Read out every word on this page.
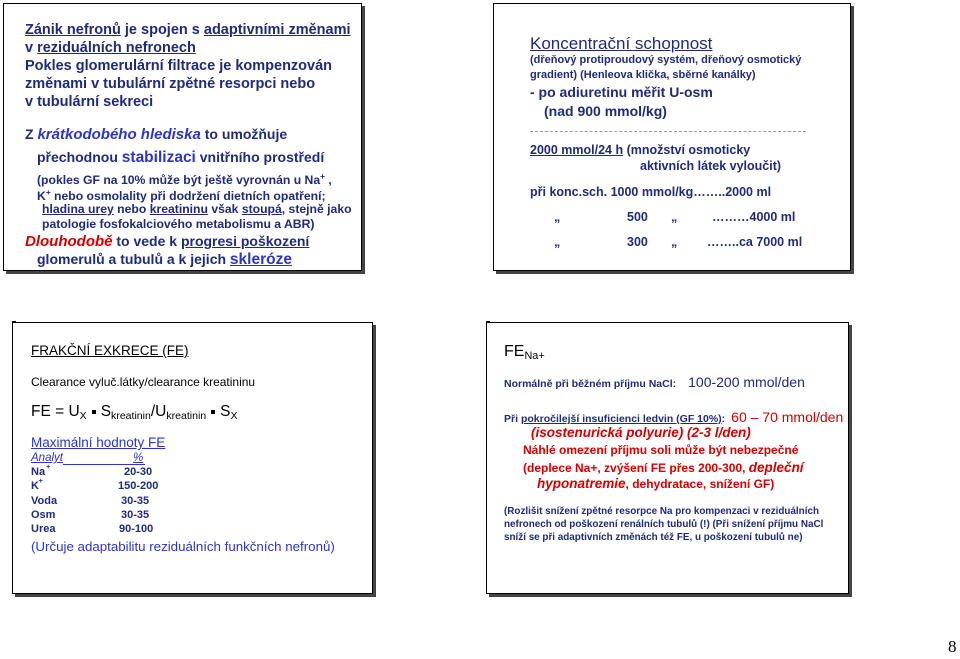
Zánik nefronů je spojen s adaptivními změnami
v reziduálních nefronech
Pokles glomerulární filtrace je kompenzován
změnami v tubulární zpětné resorpci nebo
v tubulární sekreci
Z krátkodobého hlediska to umožňuje
přechodnou stabilizaci vnitřního prostředí
(pokles GF na 10% může být ještě vyrovnán u Na+ ,
K+ nebo osmolality při dodržení dietních opatření;
hladina urey nebo kreatininu však stoupá, stejně jako
patologie fosfokalciového metabolismu a ABR)
Dlouhodobě to vede k progresi poškození
glomerulů a tubulů a k jejich skleróze
Koncentrační schopnost
(dřeňový protiproudový systém, dřeňový osmotický
gradient) (Henleova klička, sběrné kanálky)
- po adiuretinu měřit U-osm
(nad 900 mmol/kg)
2000 mmol/24 h (množství osmoticky
aktivních látek vyloučit)
při konc.sch. 1000 mmol/kg……..2000 ml
„	500 „	………4000 ml
„	300 „ ……..ca 7000 ml
FRAKČNÍ EXKRECE (FE)
Clearance vyluč.látky/clearance kreatininu
FE = $U_X$ $S_{kreatinin}/U_{kreatinin}$ $S_X$
Maximální hodnoty FE
Analyt	%
Na +	20-30
K +	150-200
Voda	30-35
Osm	30-35
Urea	90-100
(Určuje adaptabilitu reziduálních funkčních nefronů)
$FE_{Na+}$
Normálně při běžném příjmu NaCl: 100-200 mmol/den
Při pokročilejší insuficienci ledvin (GF 10%): 60 – 70 mmol/den
(isostenurická polyurie) (2-3 l/den)
Náhlé omezení příjmu soli může být nebezpečné
(deplece Na+, zvýšení FE přes 200-300, depleční
hyponatremie, dehydratace, snížení GF)
(Rozlišit snížení zpětné resorpce Na pro kompenzaci v reziduálních
nefronech od poškození renálních tubulů (!) (Při snížení příjmu NaCl
sníží se při adaptivních změnách též FE, u poškození tubulů ne)
8
